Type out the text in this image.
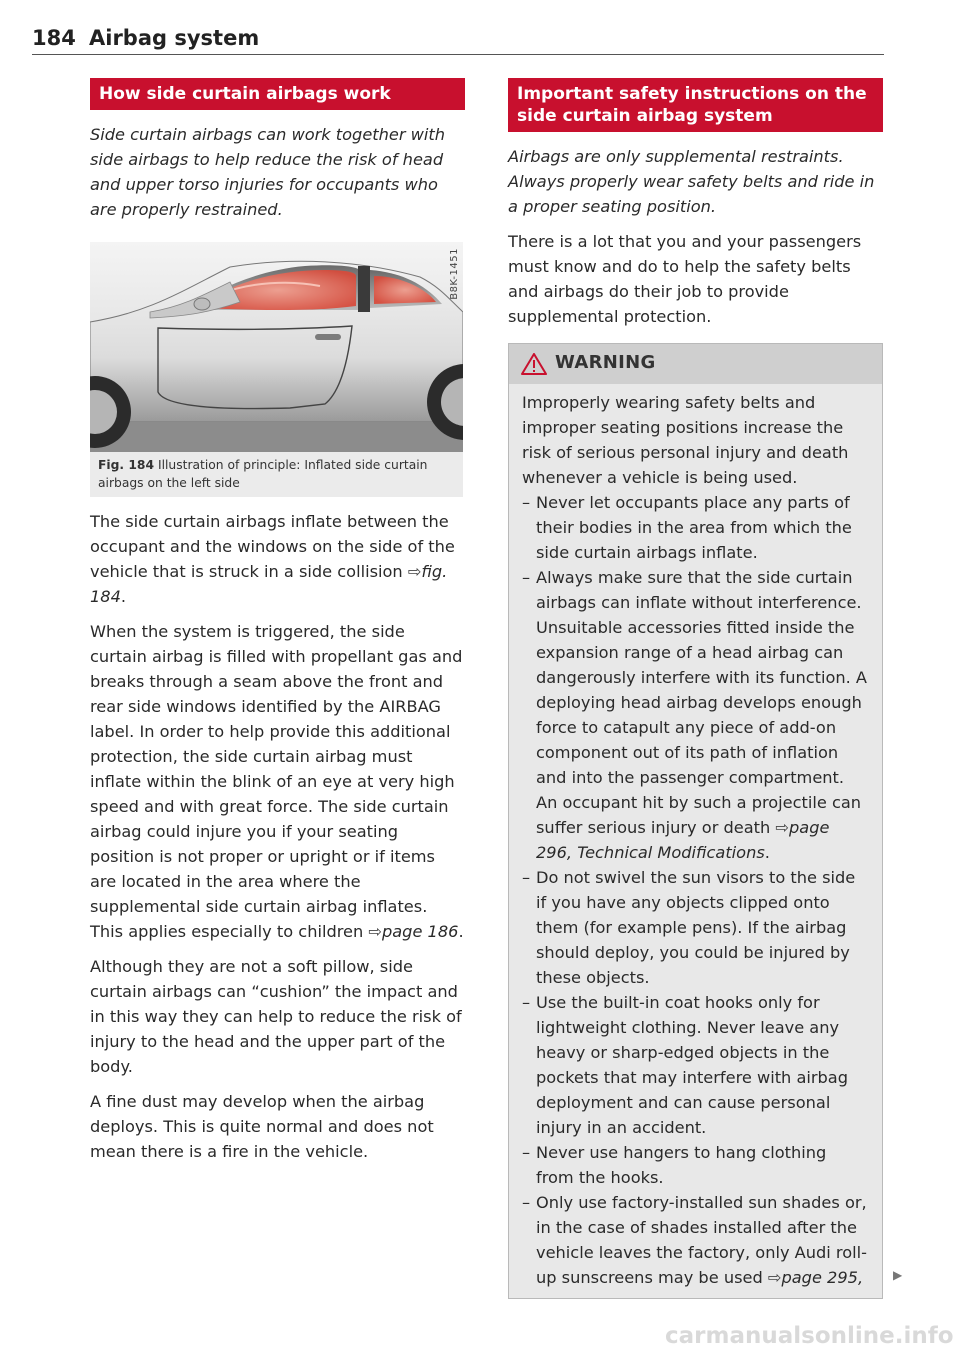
184 Airbag system
How side curtain airbags work

Side curtain airbags can work together with side airbags to help reduce the risk of head and upper torso injuries for occupants who are properly restrained.

B8K-1451
Fig. 184 Illustration of principle: Inflated side curtain airbags on the left side

The side curtain airbags inflate between the occupant and the windows on the side of the vehicle that is struck in a side collision ⇨fig. 184.

When the system is triggered, the side curtain airbag is filled with propellant gas and breaks through a seam above the front and rear side windows identified by the AIRBAG label. In order to help provide this additional protection, the side curtain airbag must inflate within the blink of an eye at very high speed and with great force. The side curtain airbag could injure you if your seating position is not proper or upright or if items are located in the area where the supplemental side curtain airbag inflates. This applies especially to children ⇨page 186.

Although they are not a soft pillow, side curtain airbags can “cushion” the impact and in this way they can help to reduce the risk of injury to the head and the upper part of the body.

A fine dust may develop when the airbag deploys. This is quite normal and does not mean there is a fire in the vehicle.

Important safety instructions on the side curtain airbag system

Airbags are only supplemental restraints. Always properly wear safety belts and ride in a proper seating position.

There is a lot that you and your passengers must know and do to help the safety belts and airbags do their job to provide supplemental protection.

WARNING

Improperly wearing safety belts and improper seating positions increase the risk of serious personal injury and death whenever a vehicle is being used.

– Never let occupants place any parts of their bodies in the area from which the side curtain airbags inflate.
– Always make sure that the side curtain airbags can inflate without interference. Unsuitable accessories fitted inside the expansion range of a head airbag can dangerously interfere with its function. A deploying head airbag develops enough force to catapult any piece of add-on component out of its path of inflation and into the passenger compartment. An occupant hit by such a projectile can suffer serious injury or death ⇨page 296, Technical Modifications.
– Do not swivel the sun visors to the side if you have any objects clipped onto them (for example pens). If the airbag should deploy, you could be injured by these objects.
– Use the built-in coat hooks only for lightweight clothing. Never leave any heavy or sharp-edged objects in the pockets that may interfere with airbag deployment and can cause personal injury in an accident.
– Never use hangers to hang clothing from the hooks.
– Only use factory-installed sun shades or, in the case of shades installed after the vehicle leaves the factory, only Audi roll-up sunscreens may be used ⇨page 295,	▶
carmanualsonline.info
